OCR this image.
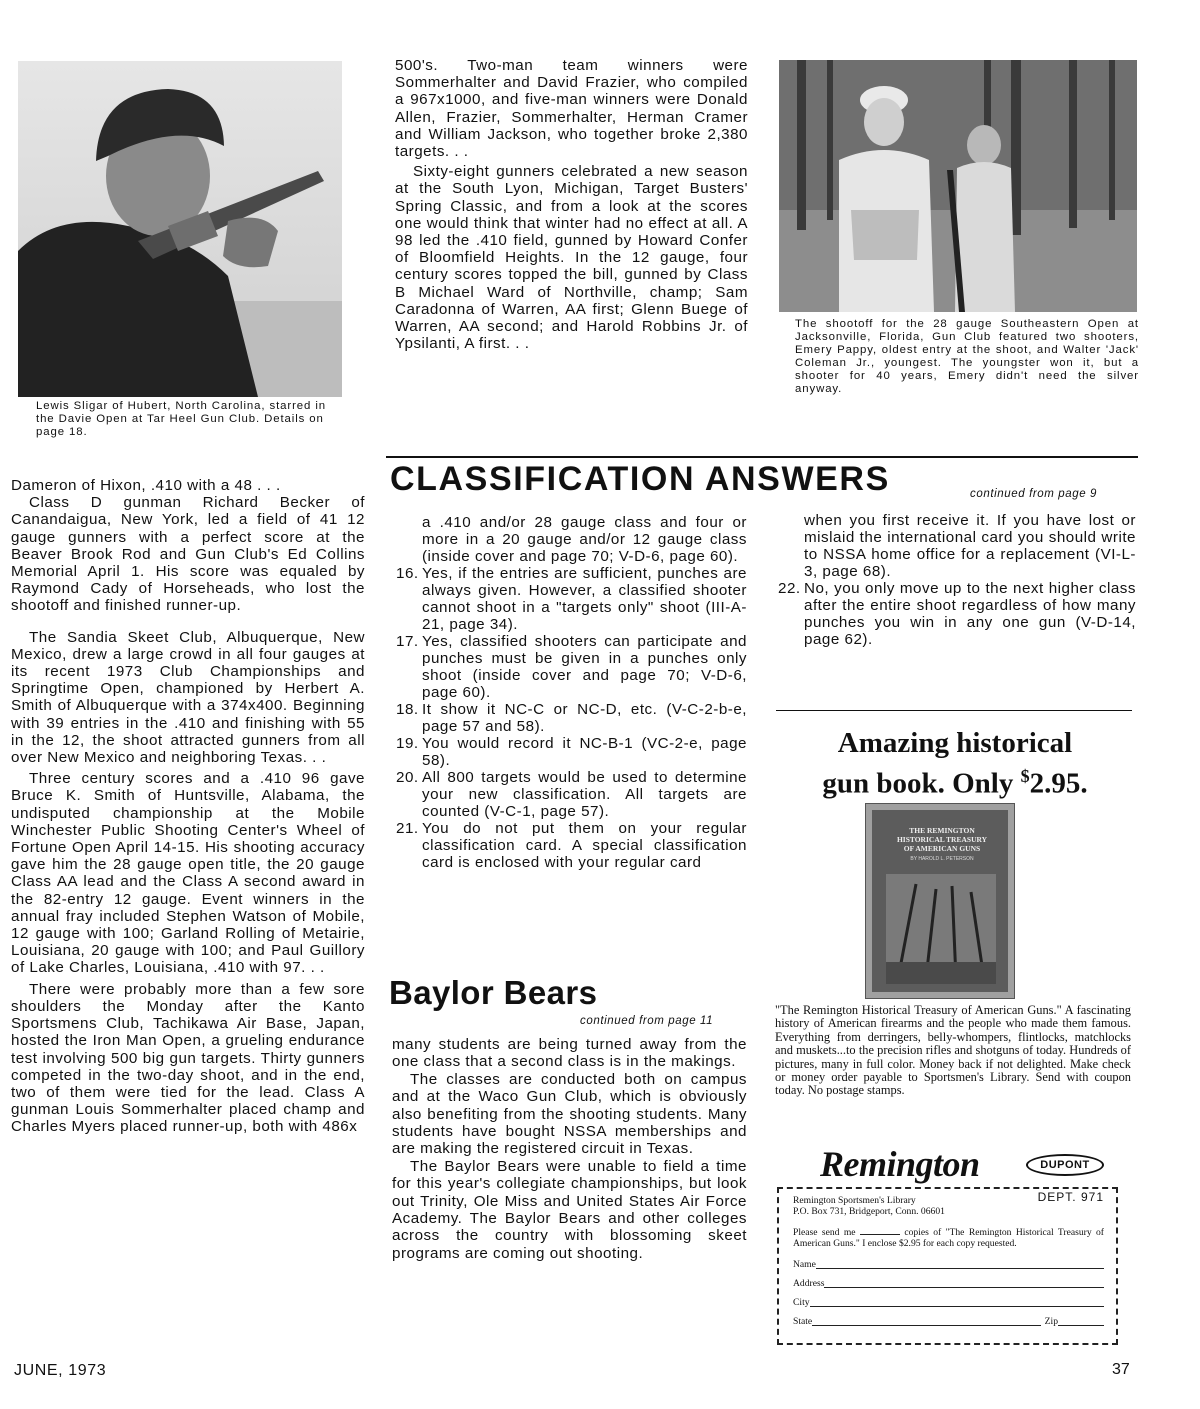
Lewis Sligar of Hubert, North Carolina, starred in the Davie Open at Tar Heel Gun Club. Details on page 18.

500's. Two-man team winners were Sommerhalter and David Frazier, who compiled a 967x1000, and five-man winners were Donald Allen, Frazier, Sommerhalter, Herman Cramer and William Jackson, who together broke 2,380 targets. . .

Sixty-eight gunners celebrated a new season at the South Lyon, Michigan, Target Busters' Spring Classic, and from a look at the scores one would think that winter had no effect at all. A 98 led the .410 field, gunned by Howard Confer of Bloomfield Heights. In the 12 gauge, four century scores topped the bill, gunned by Class B Michael Ward of Northville, champ; Sam Caradonna of Warren, AA first; Glenn Buege of Warren, AA second; and Harold Robbins Jr. of Ypsilanti, A first. . .

The shootoff for the 28 gauge Southeastern Open at Jacksonville, Florida, Gun Club featured two shooters, Emery Pappy, oldest entry at the shoot, and Walter 'Jack' Coleman Jr., youngest. The youngster won it, but a shooter for 40 years, Emery didn't need the silver anyway.

Dameron of Hixon, .410 with a 48 . . .

Class D gunman Richard Becker of Canandaigua, New York, led a field of 41 12 gauge gunners with a perfect score at the Beaver Brook Rod and Gun Club's Ed Collins Memorial April 1. His score was equaled by Raymond Cady of Horseheads, who lost the shootoff and finished runner-up.

The Sandia Skeet Club, Albuquerque, New Mexico, drew a large crowd in all four gauges at its recent 1973 Club Championships and Springtime Open, championed by Herbert A. Smith of Albuquerque with a 374x400. Beginning with 39 entries in the .410 and finishing with 55 in the 12, the shoot attracted gunners from all over New Mexico and neighboring Texas. . .

Three century scores and a .410 96 gave Bruce K. Smith of Huntsville, Alabama, the undisputed championship at the Mobile Winchester Public Shooting Center's Wheel of Fortune Open April 14-15. His shooting accuracy gave him the 28 gauge open title, the 20 gauge Class AA lead and the Class A second award in the 82-entry 12 gauge. Event winners in the annual fray included Stephen Watson of Mobile, 12 gauge with 100; Garland Rolling of Metairie, Louisiana, 20 gauge with 100; and Paul Guillory of Lake Charles, Louisiana, .410 with 97. . .

There were probably more than a few sore shoulders the Monday after the Kanto Sportsmens Club, Tachikawa Air Base, Japan, hosted the Iron Man Open, a grueling endurance test involving 500 big gun targets. Thirty gunners competed in the two-day shoot, and in the end, two of them were tied for the lead. Class A gunman Louis Sommerhalter placed champ and Charles Myers placed runner-up, both with 486x

CLASSIFICATION ANSWERS	continued from page 9
a .410 and/or 28 gauge class and four or more in a 20 gauge and/or 12 gauge class (inside cover and page 70; V-D-6, page 60).
16. Yes, if the entries are sufficient, punches are always given. However, a classified shooter cannot shoot in a "targets only" shoot (III-A-21, page 34).
17. Yes, classified shooters can participate and punches must be given in a punches only shoot (inside cover and page 70; V-D-6, page 60).
18. It show it NC-C or NC-D, etc. (V-C-2-b-e, page 57 and 58).
19. You would record it NC-B-1 (VC-2-e, page 58).
20. All 800 targets would be used to determine your new classification. All targets are counted (V-C-1, page 57).
21. You do not put them on your regular classification card. A special classification card is enclosed with your regular card
when you first receive it. If you have lost or mislaid the international card you should write to NSSA home office for a replacement (VI-L-3, page 68).
22. No, you only move up to the next higher class after the entire shoot regardless of how many punches you win in any one gun (V-D-14, page 62).
Baylor Bears
continued from page 11

many students are being turned away from the one class that a second class is in the makings.

The classes are conducted both on campus and at the Waco Gun Club, which is obviously also benefiting from the shooting students. Many students have bought NSSA memberships and are making the registered circuit in Texas.

The Baylor Bears were unable to field a time for this year's collegiate championships, but look out Trinity, Ole Miss and United States Air Force Academy. The Baylor Bears and other colleges across the country with blossoming skeet programs are coming out shooting.

Amazing historical
gun book. Only $2.95.
THE REMINGTON HISTORICAL TREASURY OF AMERICAN GUNS
BY HAROLD L. PETERSON
"The Remington Historical Treasury of American Guns." A fascinating history of American firearms and the people who made them famous. Everything from derringers, belly-whompers, flintlocks, matchlocks and muskets...to the precision rifles and shotguns of today. Hundreds of pictures, many in full color. Money back if not delighted. Make check or money order payable to Sportsmen's Library. Send with coupon today. No postage stamps.
Remington	DUPONT
Remington Sportsmen's Library
P.O. Box 731, Bridgeport, Conn. 06601
DEPT. 971
Please send me	copies of "The Remington Historical Treasury of American Guns." I enclose $2.95 for each copy requested.
Name
Address
City
State	Zip
JUNE, 1973	37
